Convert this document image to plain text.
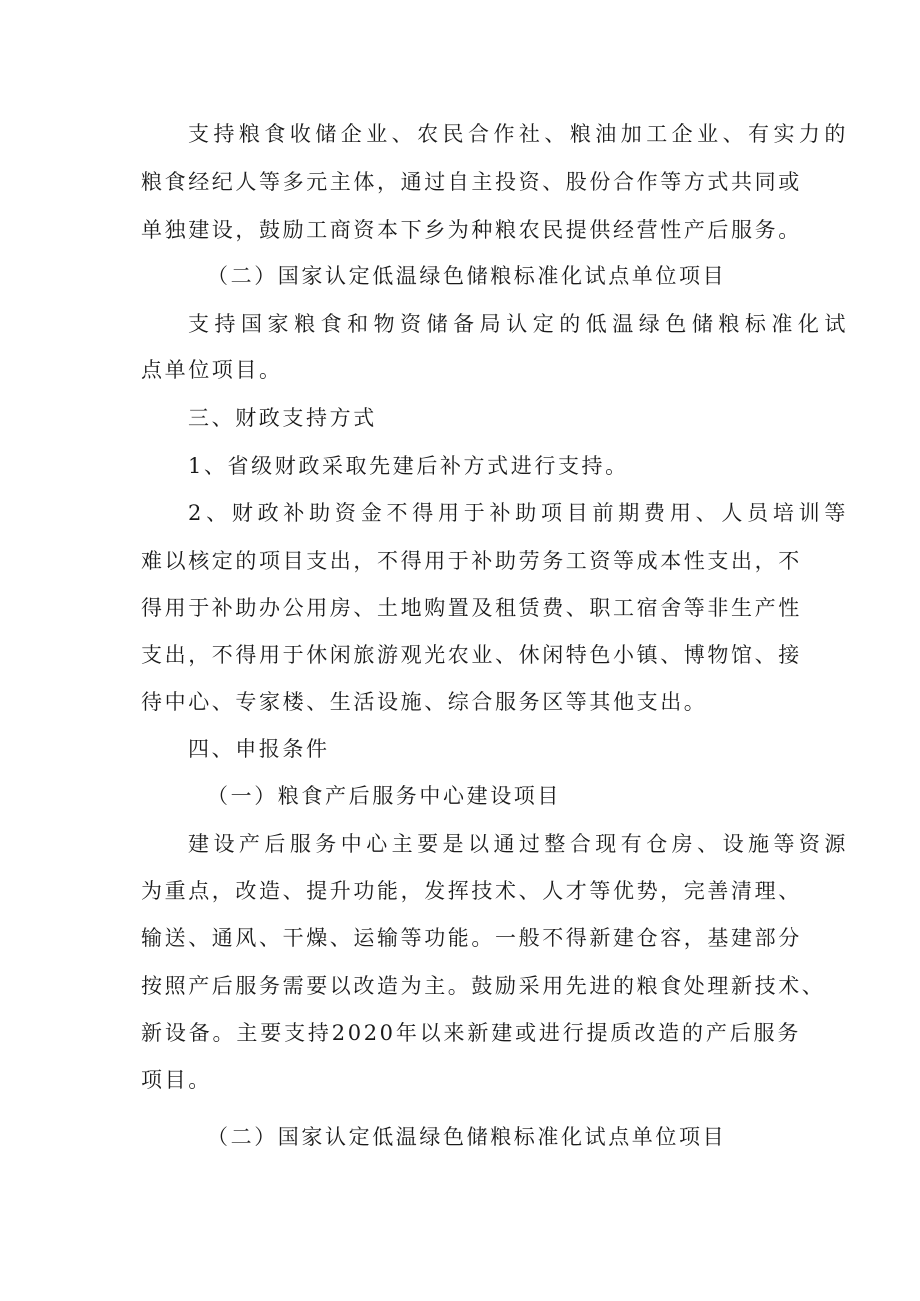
支持粮食收储企业、农民合作社、粮油加工企业、有实力的
粮食经纪人等多元主体，通过自主投资、股份合作等方式共同或
单独建设，鼓励工商资本下乡为种粮农民提供经营性产后服务。
（二）国家认定低温绿色储粮标准化试点单位项目
支持国家粮食和物资储备局认定的低温绿色储粮标准化试
点单位项目。
三、财政支持方式
1、省级财政采取先建后补方式进行支持。
2、财政补助资金不得用于补助项目前期费用、人员培训等
难以核定的项目支出，不得用于补助劳务工资等成本性支出，不
得用于补助办公用房、土地购置及租赁费、职工宿舍等非生产性
支出，不得用于休闲旅游观光农业、休闲特色小镇、博物馆、接
待中心、专家楼、生活设施、综合服务区等其他支出。
四、申报条件
（一）粮食产后服务中心建设项目
建设产后服务中心主要是以通过整合现有仓房、设施等资源
为重点，改造、提升功能，发挥技术、人才等优势，完善清理、
输送、通风、干燥、运输等功能。一般不得新建仓容，基建部分
按照产后服务需要以改造为主。鼓励采用先进的粮食处理新技术、
新设备。主要支持2020年以来新建或进行提质改造的产后服务
项目。
（二）国家认定低温绿色储粮标准化试点单位项目
